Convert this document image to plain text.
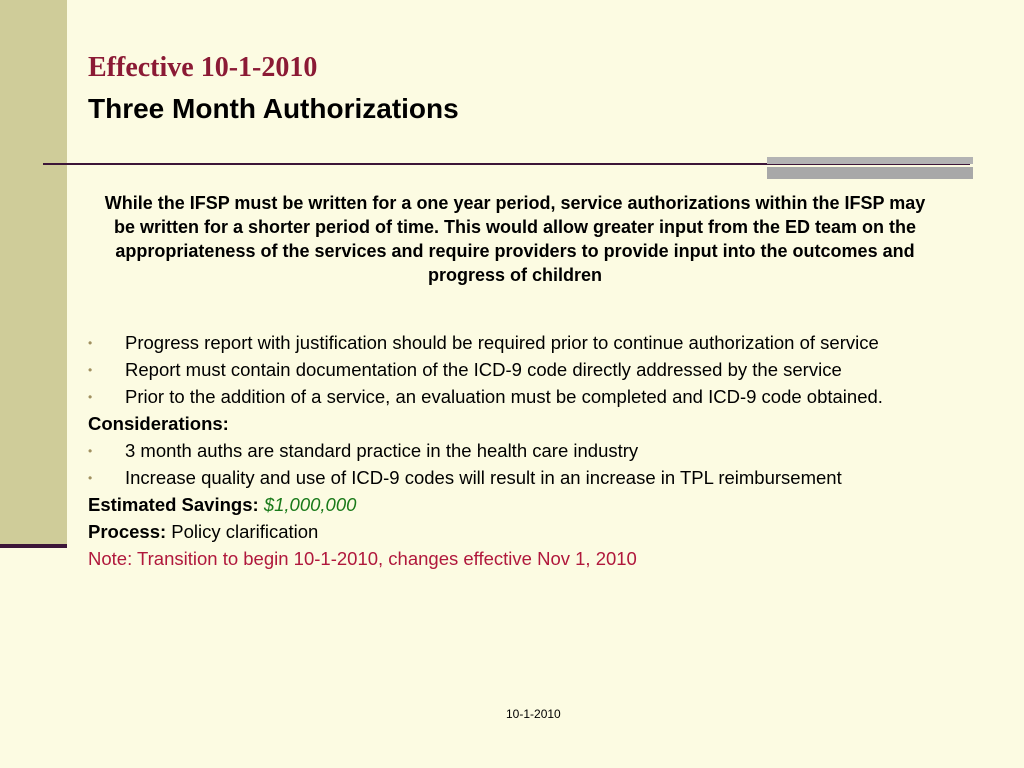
Effective 10-1-2010
Three Month Authorizations
While the IFSP must be written for a one year period, service authorizations within the IFSP may be written for a shorter period of time. This would allow greater input from the ED team on the appropriateness of the services and require providers to provide input into the outcomes and progress of children
• Progress report with justification should be required prior to continue authorization of service
• Report must contain documentation of the ICD-9 code directly addressed by the service
• Prior to the addition of a service, an evaluation must be completed and ICD-9 code obtained.
Considerations:
• 3 month auths are standard practice in the health care industry
• Increase quality and use of ICD-9 codes will result in an increase in TPL reimbursement
Estimated Savings: $1,000,000
Process: Policy clarification
Note: Transition to begin 10-1-2010, changes effective Nov 1, 2010
10-1-2010
